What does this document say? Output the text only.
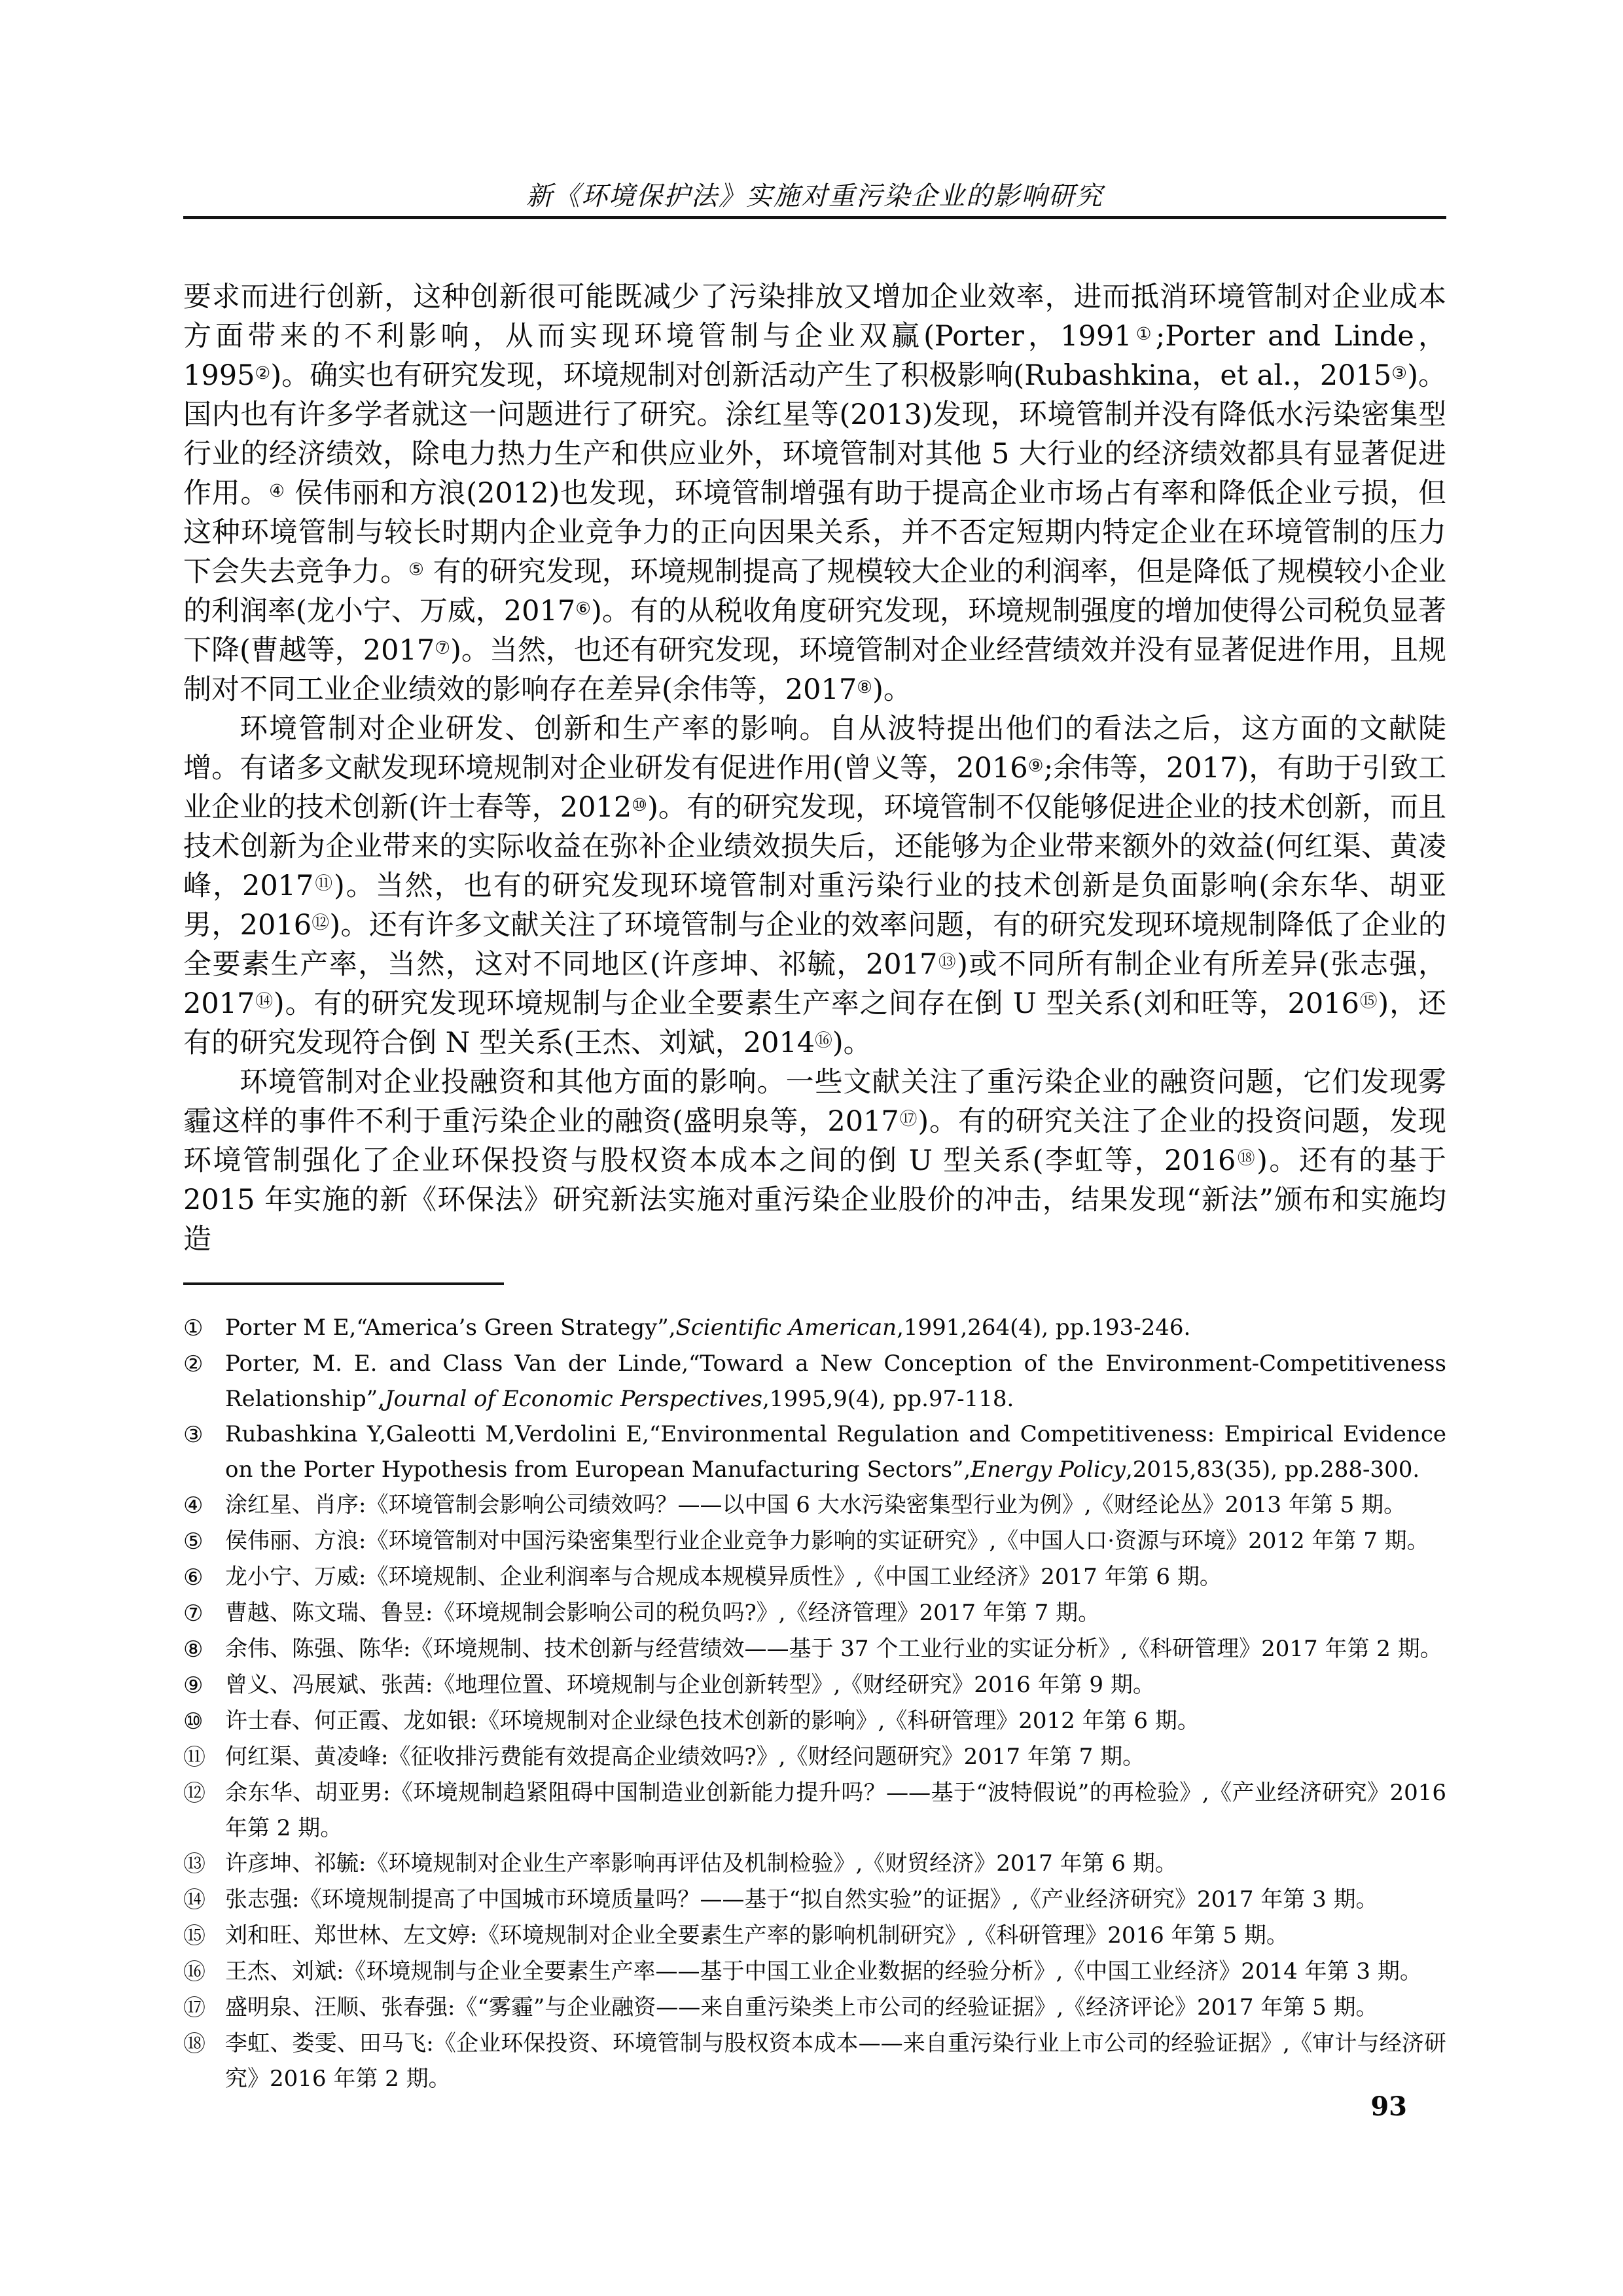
新《环境保护法》实施对重污染企业的影响研究

要求而进行创新，这种创新很可能既减少了污染排放又增加企业效率，进而抵消环境管制对企业成本方面带来的不利影响，从而实现环境管制与企业双赢(Porter，1991①;Porter and Linde，1995②)。确实也有研究发现，环境规制对创新活动产生了积极影响(Rubashkina，et al.，2015③)。国内也有许多学者就这一问题进行了研究。涂红星等(2013)发现，环境管制并没有降低水污染密集型行业的经济绩效，除电力热力生产和供应业外，环境管制对其他 5 大行业的经济绩效都具有显著促进作用。④ 侯伟丽和方浪(2012)也发现，环境管制增强有助于提高企业市场占有率和降低企业亏损，但这种环境管制与较长时期内企业竞争力的正向因果关系，并不否定短期内特定企业在环境管制的压力下会失去竞争力。⑤ 有的研究发现，环境规制提高了规模较大企业的利润率，但是降低了规模较小企业的利润率(龙小宁、万威，2017⑥)。有的从税收角度研究发现，环境规制强度的增加使得公司税负显著下降(曹越等，2017⑦)。当然，也还有研究发现，环境管制对企业经营绩效并没有显著促进作用，且规制对不同工业企业绩效的影响存在差异(余伟等，2017⑧)。

环境管制对企业研发、创新和生产率的影响。自从波特提出他们的看法之后，这方面的文献陡增。有诸多文献发现环境规制对企业研发有促进作用(曾义等，2016⑨;余伟等，2017)，有助于引致工业企业的技术创新(许士春等，2012⑩)。有的研究发现，环境管制不仅能够促进企业的技术创新，而且技术创新为企业带来的实际收益在弥补企业绩效损失后，还能够为企业带来额外的效益(何红渠、黄凌峰，2017⑪)。当然，也有的研究发现环境管制对重污染行业的技术创新是负面影响(余东华、胡亚男，2016⑫)。还有许多文献关注了环境管制与企业的效率问题，有的研究发现环境规制降低了企业的全要素生产率，当然，这对不同地区(许彦坤、祁毓，2017⑬)或不同所有制企业有所差异(张志强，2017⑭)。有的研究发现环境规制与企业全要素生产率之间存在倒 U 型关系(刘和旺等，2016⑮)，还有的研究发现符合倒 N 型关系(王杰、刘斌，2014⑯)。

环境管制对企业投融资和其他方面的影响。一些文献关注了重污染企业的融资问题，它们发现雾霾这样的事件不利于重污染企业的融资(盛明泉等，2017⑰)。有的研究关注了企业的投资问题，发现环境管制强化了企业环保投资与股权资本成本之间的倒 U 型关系(李虹等，2016⑱)。还有的基于2015 年实施的新《环保法》研究新法实施对重污染企业股价的冲击，结果发现“新法”颁布和实施均造

① Porter M E,“America’s Green Strategy”,Scientific American,1991,264(4), pp.193-246.
② Porter, M. E. and Class Van der Linde,“Toward a New Conception of the Environment-Competitiveness Relationship”,Journal of Economic Perspectives,1995,9(4), pp.97-118.
③ Rubashkina Y,Galeotti M,Verdolini E,“Environmental Regulation and Competitiveness: Empirical Evidence on the Porter Hypothesis from European Manufacturing Sectors”,Energy Policy,2015,83(35), pp.288-300.
④ 涂红星、肖序:《环境管制会影响公司绩效吗？——以中国 6 大水污染密集型行业为例》,《财经论丛》2013 年第 5 期。
⑤ 侯伟丽、方浪:《环境管制对中国污染密集型行业企业竞争力影响的实证研究》,《中国人口·资源与环境》2012 年第 7 期。
⑥ 龙小宁、万威:《环境规制、企业利润率与合规成本规模异质性》,《中国工业经济》2017 年第 6 期。
⑦ 曹越、陈文瑞、鲁昱:《环境规制会影响公司的税负吗?》,《经济管理》2017 年第 7 期。
⑧ 余伟、陈强、陈华:《环境规制、技术创新与经营绩效——基于 37 个工业行业的实证分析》,《科研管理》2017 年第 2 期。
⑨ 曾义、冯展斌、张茜:《地理位置、环境规制与企业创新转型》,《财经研究》2016 年第 9 期。
⑩ 许士春、何正霞、龙如银:《环境规制对企业绿色技术创新的影响》,《科研管理》2012 年第 6 期。
⑪ 何红渠、黄凌峰:《征收排污费能有效提高企业绩效吗?》,《财经问题研究》2017 年第 7 期。
⑫ 余东华、胡亚男:《环境规制趋紧阻碍中国制造业创新能力提升吗？——基于“波特假说”的再检验》,《产业经济研究》2016 年第 2 期。
⑬ 许彦坤、祁毓:《环境规制对企业生产率影响再评估及机制检验》,《财贸经济》2017 年第 6 期。
⑭ 张志强:《环境规制提高了中国城市环境质量吗？——基于“拟自然实验”的证据》,《产业经济研究》2017 年第 3 期。
⑮ 刘和旺、郑世林、左文婷:《环境规制对企业全要素生产率的影响机制研究》,《科研管理》2016 年第 5 期。
⑯ 王杰、刘斌:《环境规制与企业全要素生产率——基于中国工业企业数据的经验分析》,《中国工业经济》2014 年第 3 期。
⑰ 盛明泉、汪顺、张春强:《“雾霾”与企业融资——来自重污染类上市公司的经验证据》,《经济评论》2017 年第 5 期。
⑱ 李虹、娄雯、田马飞:《企业环保投资、环境管制与股权资本成本——来自重污染行业上市公司的经验证据》,《审计与经济研究》2016 年第 2 期。
93
